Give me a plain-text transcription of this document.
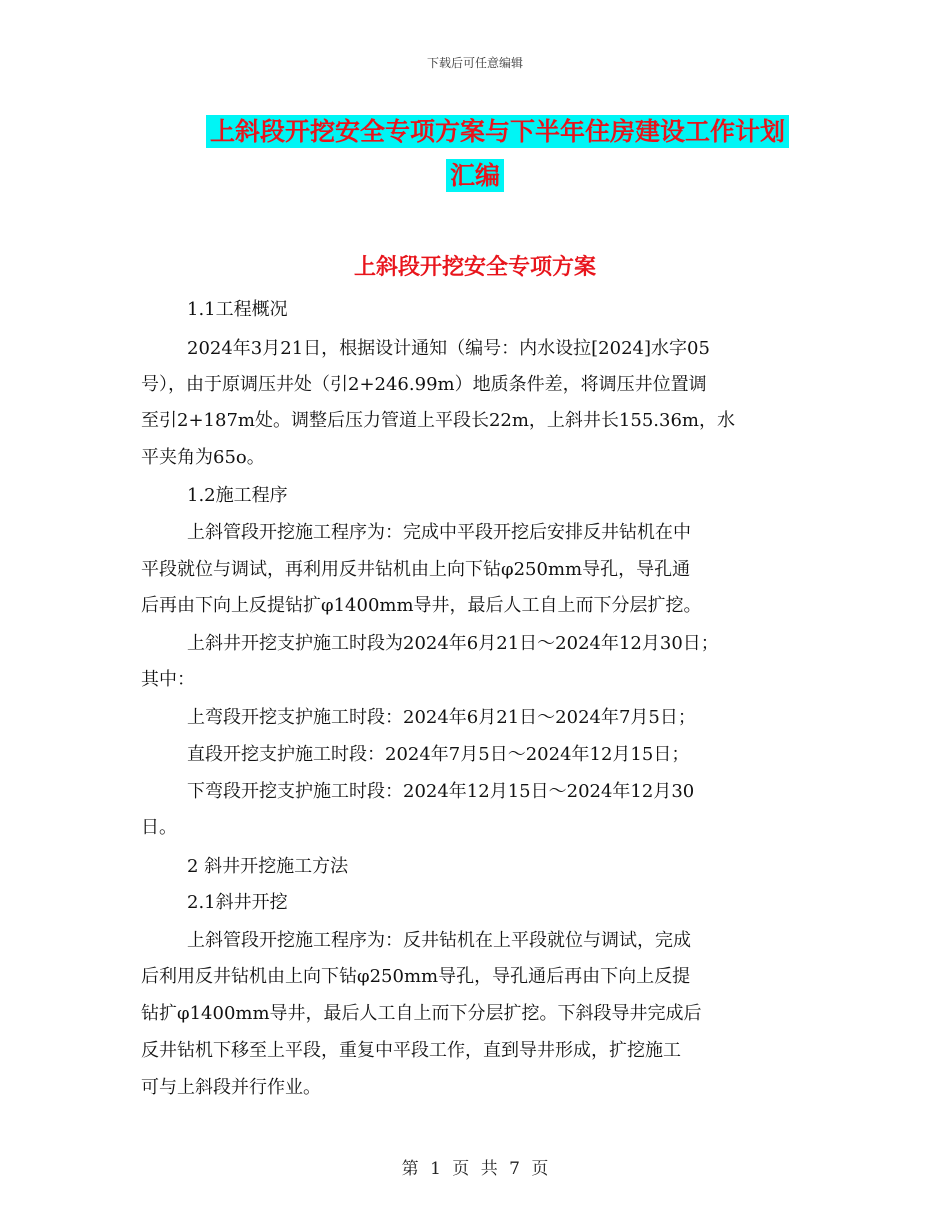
下载后可任意编辑
上斜段开挖安全专项方案与下半年住房建设工作计划
汇编
上斜段开挖安全专项方案
1.1工程概况
2024年3月21日，根据设计通知（编号：内水设拉[2024]水字05
号），由于原调压井处（引2+246.99m）地质条件差，将调压井位置调
至引2+187m处。调整后压力管道上平段长22m，上斜井长155.36m，水
平夹角为65o。
1.2施工程序
上斜管段开挖施工程序为：完成中平段开挖后安排反井钻机在中
平段就位与调试，再利用反井钻机由上向下钻φ250mm导孔，导孔通
后再由下向上反提钻扩φ1400mm导井，最后人工自上而下分层扩挖。
上斜井开挖支护施工时段为2024年6月21日～2024年12月30日；
其中：
上弯段开挖支护施工时段：2024年6月21日～2024年7月5日；
直段开挖支护施工时段：2024年7月5日～2024年12月15日；
下弯段开挖支护施工时段：2024年12月15日～2024年12月30
日。
2 斜井开挖施工方法
2.1斜井开挖
上斜管段开挖施工程序为：反井钻机在上平段就位与调试，完成
后利用反井钻机由上向下钻φ250mm导孔，导孔通后再由下向上反提
钻扩φ1400mm导井，最后人工自上而下分层扩挖。下斜段导井完成后
反井钻机下移至上平段，重复中平段工作，直到导井形成，扩挖施工
可与上斜段并行作业。
第 1 页 共 7 页
